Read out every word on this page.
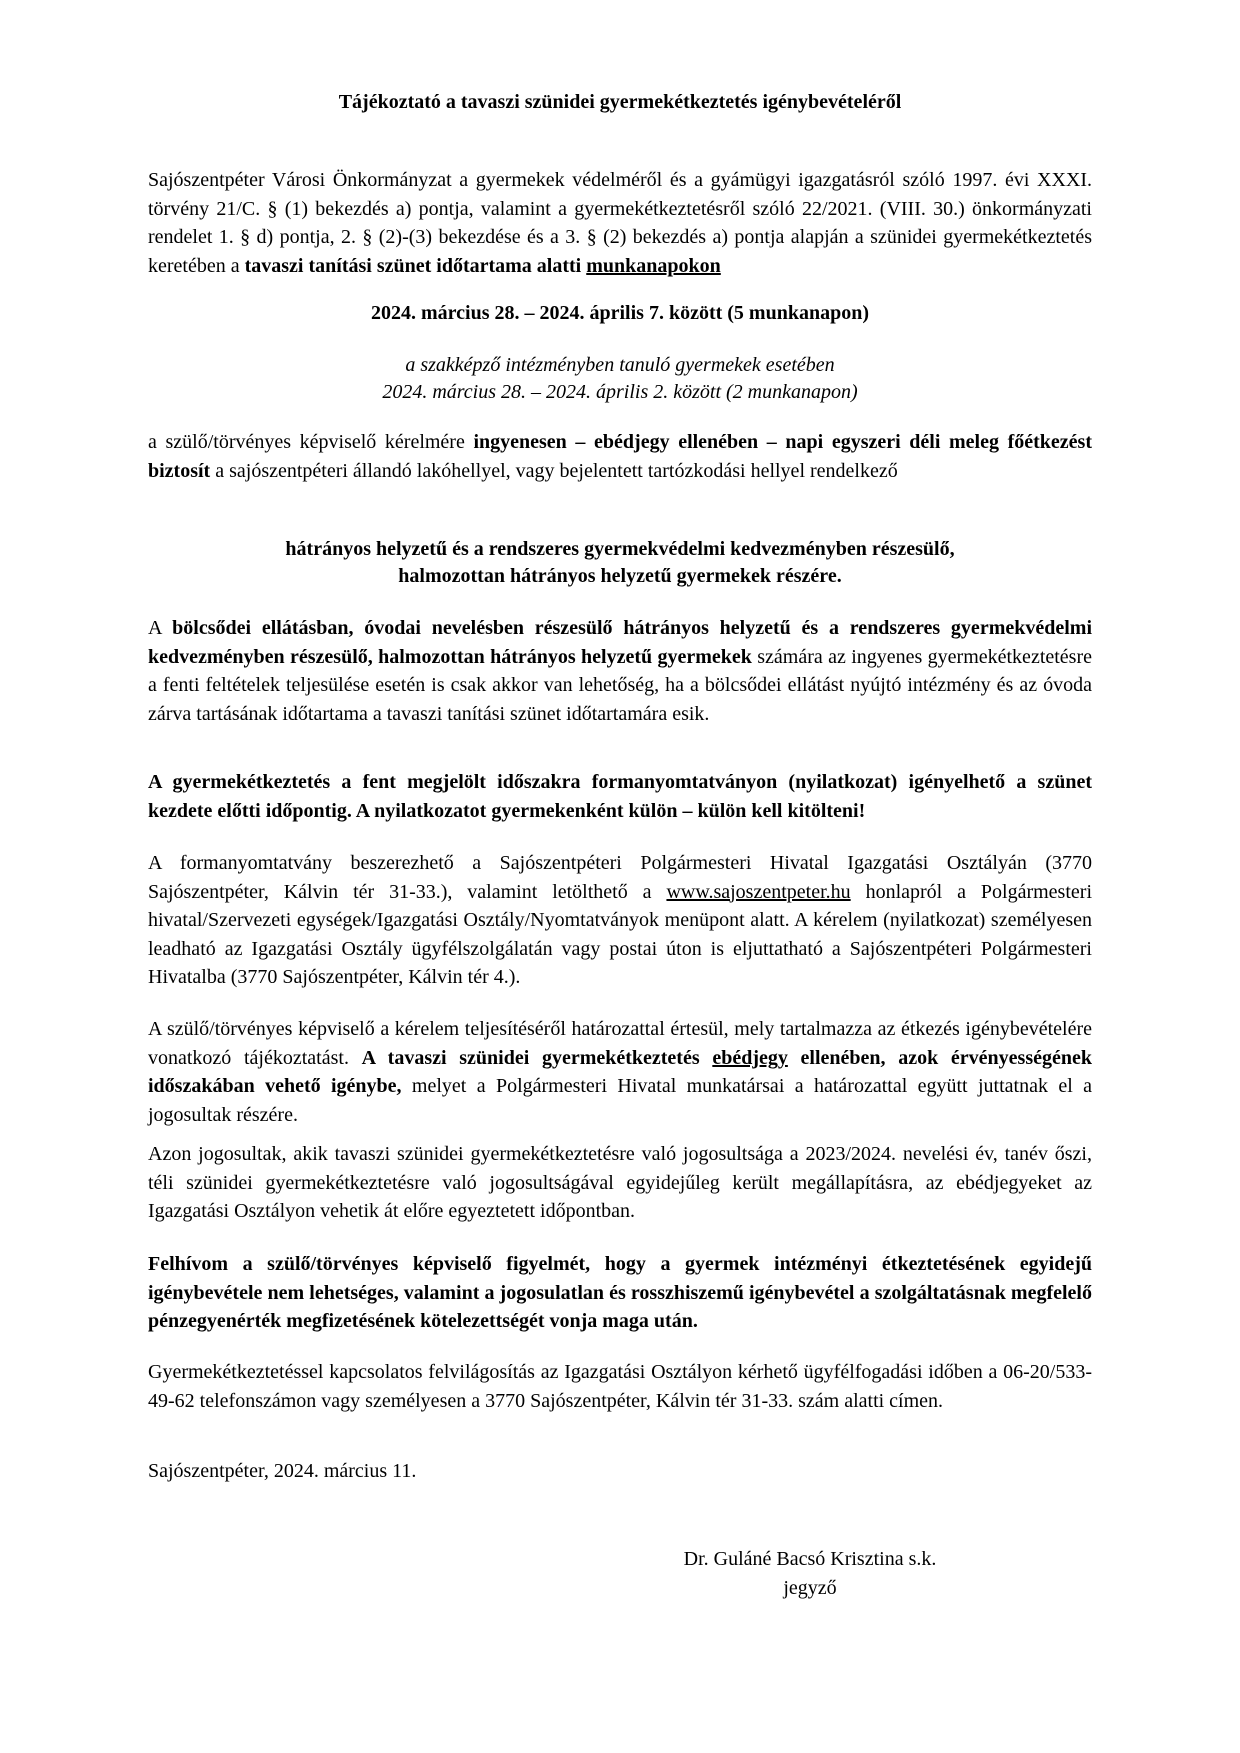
Tájékoztató a tavaszi szünidei gyermekétkeztetés igénybevételéről

Sajószentpéter Városi Önkormányzat a gyermekek védelméről és a gyámügyi igazgatásról szóló 1997. évi XXXI. törvény 21/C. § (1) bekezdés a) pontja, valamint a gyermekétkeztetésről szóló 22/2021. (VIII. 30.) önkormányzati rendelet 1. § d) pontja, 2. § (2)-(3) bekezdése és a 3. § (2) bekezdés a) pontja alapján a szünidei gyermekétkeztetés keretében a tavaszi tanítási szünet időtartama alatti munkanapokon

2024. március 28. – 2024. április 7. között (5 munkanapon)
a szakképző intézményben tanuló gyermekek esetében
2024. március 28. – 2024. április 2. között (2 munkanapon)

a szülő/törvényes képviselő kérelmére ingyenesen – ebédjegy ellenében – napi egyszeri déli meleg főétkezést biztosít a sajószentpéteri állandó lakóhellyel, vagy bejelentett tartózkodási hellyel rendelkező

hátrányos helyzetű és a rendszeres gyermekvédelmi kedvezményben részesülő,
halmozottan hátrányos helyzetű gyermekek részére.

A bölcsődei ellátásban, óvodai nevelésben részesülő hátrányos helyzetű és a rendszeres gyermekvédelmi kedvezményben részesülő, halmozottan hátrányos helyzetű gyermekek számára az ingyenes gyermekétkeztetésre a fenti feltételek teljesülése esetén is csak akkor van lehetőség, ha a bölcsődei ellátást nyújtó intézmény és az óvoda zárva tartásának időtartama a tavaszi tanítási szünet időtartamára esik.

A gyermekétkeztetés a fent megjelölt időszakra formanyomtatványon (nyilatkozat) igényelhető a szünet kezdete előtti időpontig. A nyilatkozatot gyermekenként külön – külön kell kitölteni!

A formanyomtatvány beszerezhető a Sajószentpéteri Polgármesteri Hivatal Igazgatási Osztályán (3770 Sajószentpéter, Kálvin tér 31-33.), valamint letölthető a www.sajoszentpeter.hu honlapról a Polgármesteri hivatal/Szervezeti egységek/Igazgatási Osztály/Nyomtatványok menüpont alatt. A kérelem (nyilatkozat) személyesen leadható az Igazgatási Osztály ügyfélszolgálatán vagy postai úton is eljuttatható a Sajószentpéteri Polgármesteri Hivatalba (3770 Sajószentpéter, Kálvin tér 4.).

A szülő/törvényes képviselő a kérelem teljesítéséről határozattal értesül, mely tartalmazza az étkezés igénybevételére vonatkozó tájékoztatást. A tavaszi szünidei gyermekétkeztetés ebédjegy ellenében, azok érvényességének időszakában vehető igénybe, melyet a Polgármesteri Hivatal munkatársai a határozattal együtt juttatnak el a jogosultak részére.

Azon jogosultak, akik tavaszi szünidei gyermekétkeztetésre való jogosultsága a 2023/2024. nevelési év, tanév őszi, téli szünidei gyermekétkeztetésre való jogosultságával egyidejűleg került megállapításra, az ebédjegyeket az Igazgatási Osztályon vehetik át előre egyeztetett időpontban.

Felhívom a szülő/törvényes képviselő figyelmét, hogy a gyermek intézményi étkeztetésének egyidejű igénybevétele nem lehetséges, valamint a jogosulatlan és rosszhiszemű igénybevétel a szolgáltatásnak megfelelő pénzegyenérték megfizetésének kötelezettségét vonja maga után.

Gyermekétkeztetéssel kapcsolatos felvilágosítás az Igazgatási Osztályon kérhető ügyfélfogadási időben a 06-20/533-49-62 telefonszámon vagy személyesen a 3770 Sajószentpéter, Kálvin tér 31-33. szám alatti címen.

Sajószentpéter, 2024. március 11.

Dr. Guláné Bacsó Krisztina s.k.
jegyző
